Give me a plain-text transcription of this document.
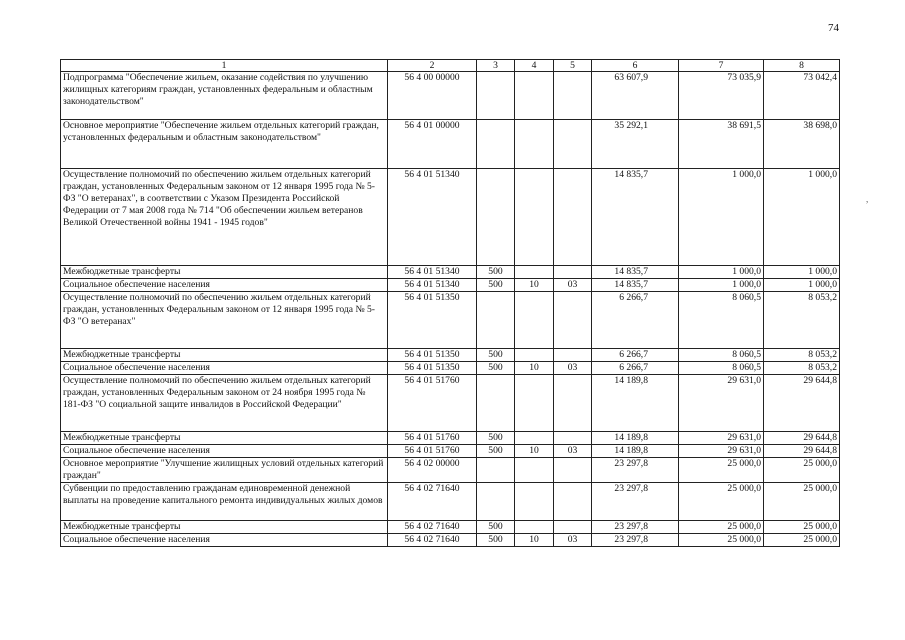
74
,
1	2	3	4	5	6	7	8
Подпрограмма "Обеспечение жильем, оказание содействия по улучшению жилищных категориям граждан, установленных федеральным и областным законодательством"	56 4 00 00000				63 607,9	73 035,9	73 042,4
Основное мероприятие "Обеспечение жильем отдельных категорий граждан, установленных федеральным и областным законодательством"	56 4 01 00000				35 292,1	38 691,5	38 698,0
Осуществление полномочий по обеспечению жильем отдельных категорий граждан, установленных Федеральным законом от 12 января 1995 года № 5-ФЗ "О ветеранах", в соответствии с Указом Президента Российской Федерации от 7 мая 2008 года № 714 "Об обеспечении жильем ветеранов Великой Отечественной войны 1941 - 1945 годов"	56 4 01 51340				14 835,7	1 000,0	1 000,0
Межбюджетные трансферты	56 4 01 51340	500			14 835,7	1 000,0	1 000,0
Социальное обеспечение населения	56 4 01 51340	500	10	03	14 835,7	1 000,0	1 000,0
Осуществление полномочий по обеспечению жильем отдельных категорий граждан, установленных Федеральным законом от 12 января 1995 года № 5-ФЗ "О ветеранах"	56 4 01 51350				6 266,7	8 060,5	8 053,2
Межбюджетные трансферты	56 4 01 51350	500			6 266,7	8 060,5	8 053,2
Социальное обеспечение населения	56 4 01 51350	500	10	03	6 266,7	8 060,5	8 053,2
Осуществление полномочий по обеспечению жильем отдельных категорий граждан, установленных Федеральным законом от 24 ноября 1995 года № 181-ФЗ "О социальной защите инвалидов в Российской Федерации"	56 4 01 51760				14 189,8	29 631,0	29 644,8
Межбюджетные трансферты	56 4 01 51760	500			14 189,8	29 631,0	29 644,8
Социальное обеспечение населения	56 4 01 51760	500	10	03	14 189,8	29 631,0	29 644,8
Основное мероприятие "Улучшение жилищных условий отдельных категорий граждан"	56 4 02 00000				23 297,8	25 000,0	25 000,0
Субвенции по предоставлению гражданам единовременной денежной выплаты на проведение капитального ремонта индивидуальных жилых домов	56 4 02 71640				23 297,8	25 000,0	25 000,0
Межбюджетные трансферты	56 4 02 71640	500			23 297,8	25 000,0	25 000,0
Социальное обеспечение населения	56 4 02 71640	500	10	03	23 297,8	25 000,0	25 000,0
